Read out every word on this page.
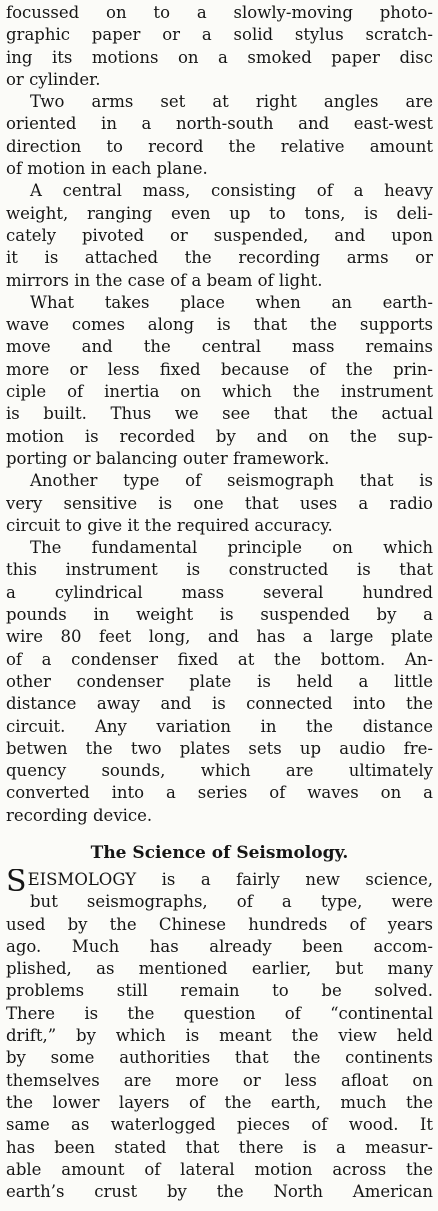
focussed on to a slowly-moving photo-
graphic paper or a solid stylus scratch-
ing its motions on a smoked paper disc
or cylinder.
Two arms set at right angles are
oriented in a north-south and east-west
direction to record the relative amount
of motion in each plane.
A central mass, consisting of a heavy
weight, ranging even up to tons, is deli-
cately pivoted or suspended, and upon
it is attached the recording arms or
mirrors in the case of a beam of light.
What takes place when an earth-
wave comes along is that the supports
move and the central mass remains
more or less fixed because of the prin-
ciple of inertia on which the instrument
is built. Thus we see that the actual
motion is recorded by and on the sup-
porting or balancing outer framework.
Another type of seismograph that is
very sensitive is one that uses a radio
circuit to give it the required accuracy.
The fundamental principle on which
this instrument is constructed is that
a cylindrical mass several hundred
pounds in weight is suspended by a
wire 80 feet long, and has a large plate
of a condenser fixed at the bottom. An-
other condenser plate is held a little
distance away and is connected into the
circuit. Any variation in the distance
betwen the two plates sets up audio fre-
quency sounds, which are ultimately
converted into a series of waves on a
recording device.
The Science of Seismology.
SEISMOLOGY is a fairly new science,
but seismographs, of a type, were
used by the Chinese hundreds of years
ago. Much has already been accom-
plished, as mentioned earlier, but many
problems still remain to be solved.
There is the question of “continental
drift,” by which is meant the view held
by some authorities that the continents
themselves are more or less afloat on
the lower layers of the earth, much the
same as waterlogged pieces of wood. It
has been stated that there is a measur-
able amount of lateral motion across the
earth’s crust by the North American
